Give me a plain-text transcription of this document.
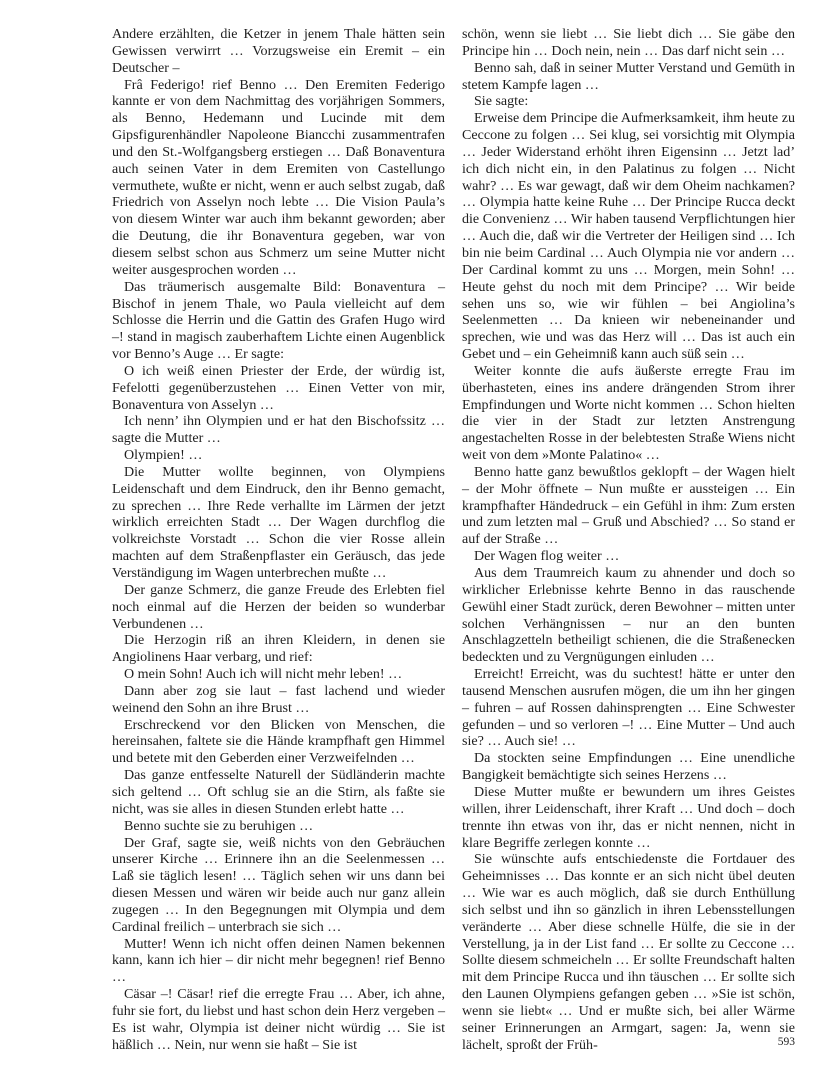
Andere erzählten, die Ketzer in jenem Thale hätten sein Gewissen verwirrt … Vorzugsweise ein Eremit – ein Deutscher –

Frâ Federigo! rief Benno … Den Eremiten Federigo kannte er von dem Nachmittag des vorjährigen Sommers, als Benno, Hedemann und Lucinde mit dem Gipsfigurenhändler Napoleone Biancchi zusammentrafen und den St.-Wolfgangsberg erstiegen … Daß Bonaventura auch seinen Vater in dem Eremiten von Castellungo vermuthete, wußte er nicht, wenn er auch selbst zugab, daß Friedrich von Asselyn noch lebte … Die Vision Paula’s von diesem Winter war auch ihm bekannt geworden; aber die Deutung, die ihr Bonaventura gegeben, war von diesem selbst schon aus Schmerz um seine Mutter nicht weiter ausgesprochen worden …

Das träumerisch ausgemalte Bild: Bonaventura – Bischof in jenem Thale, wo Paula vielleicht auf dem Schlosse die Herrin und die Gattin des Grafen Hugo wird –! stand in magisch zauberhaftem Lichte einen Augenblick vor Benno’s Auge … Er sagte:

O ich weiß einen Priester der Erde, der würdig ist, Fefelotti gegenüberzustehen … Einen Vetter von mir, Bonaventura von Asselyn …

Ich nenn’ ihn Olympien und er hat den Bischofssitz … sagte die Mutter …

Olympien! …

Die Mutter wollte beginnen, von Olympiens Leidenschaft und dem Eindruck, den ihr Benno gemacht, zu sprechen … Ihre Rede verhallte im Lärmen der jetzt wirklich erreichten Stadt … Der Wagen durchflog die volkreichste Vorstadt … Schon die vier Rosse allein machten auf dem Straßenpflaster ein Geräusch, das jede Verständigung im Wagen unterbrechen mußte …

Der ganze Schmerz, die ganze Freude des Erlebten fiel noch einmal auf die Herzen der beiden so wunderbar Verbundenen …

Die Herzogin riß an ihren Kleidern, in denen sie Angiolinens Haar verbarg, und rief:

O mein Sohn! Auch ich will nicht mehr leben! …

Dann aber zog sie laut – fast lachend und wieder weinend den Sohn an ihre Brust …

Erschreckend vor den Blicken von Menschen, die hereinsahen, faltete sie die Hände krampfhaft gen Himmel und betete mit den Geberden einer Verzweifelnden …

Das ganze entfesselte Naturell der Südländerin machte sich geltend … Oft schlug sie an die Stirn, als faßte sie nicht, was sie alles in diesen Stunden erlebt hatte …

Benno suchte sie zu beruhigen …

Der Graf, sagte sie, weiß nichts von den Gebräuchen unserer Kirche … Erinnere ihn an die Seelenmessen … Laß sie täglich lesen! … Täglich sehen wir uns dann bei diesen Messen und wären wir beide auch nur ganz allein zugegen … In den Begegnungen mit Olympia und dem Cardinal freilich – unterbrach sie sich …

Mutter! Wenn ich nicht offen deinen Namen bekennen kann, kann ich hier – dir nicht mehr begegnen! rief Benno …

Cäsar –! Cäsar! rief die erregte Frau … Aber, ich ahne, fuhr sie fort, du liebst und hast schon dein Herz vergeben – Es ist wahr, Olympia ist deiner nicht würdig … Sie ist häßlich … Nein, nur wenn sie haßt – Sie ist

schön, wenn sie liebt … Sie liebt dich … Sie gäbe den Principe hin … Doch nein, nein … Das darf nicht sein …

Benno sah, daß in seiner Mutter Verstand und Gemüth in stetem Kampfe lagen …

Sie sagte:

Erweise dem Principe die Aufmerksamkeit, ihm heute zu Ceccone zu folgen … Sei klug, sei vorsichtig mit Olympia … Jeder Widerstand erhöht ihren Eigensinn … Jetzt lad’ ich dich nicht ein, in den Palatinus zu folgen … Nicht wahr? … Es war gewagt, daß wir dem Oheim nachkamen? … Olympia hatte keine Ruhe … Der Principe Rucca deckt die Convenienz … Wir haben tausend Verpflichtungen hier … Auch die, daß wir die Vertreter der Heiligen sind … Ich bin nie beim Cardinal … Auch Olympia nie vor andern … Der Cardinal kommt zu uns … Morgen, mein Sohn! … Heute gehst du noch mit dem Principe? … Wir beide sehen uns so, wie wir fühlen – bei Angiolina’s Seelenmetten … Da knieen wir nebeneinander und sprechen, wie und was das Herz will … Das ist auch ein Gebet und – ein Geheimniß kann auch süß sein …

Weiter konnte die aufs äußerste erregte Frau im überhasteten, eines ins andere drängenden Strom ihrer Empfindungen und Worte nicht kommen … Schon hielten die vier in der Stadt zur letzten Anstrengung angestachelten Rosse in der belebtesten Straße Wiens nicht weit von dem »Monte Palatino« …

Benno hatte ganz bewußtlos geklopft – der Wagen hielt – der Mohr öffnete – Nun mußte er aussteigen … Ein krampfhafter Händedruck – ein Gefühl in ihm: Zum ersten und zum letzten mal – Gruß und Abschied? … So stand er auf der Straße …

Der Wagen flog weiter …

Aus dem Traumreich kaum zu ahnender und doch so wirklicher Erlebnisse kehrte Benno in das rauschende Gewühl einer Stadt zurück, deren Bewohner – mitten unter solchen Verhängnissen – nur an den bunten Anschlagzetteln betheiligt schienen, die die Straßenecken bedeckten und zu Vergnügungen einluden …

Erreicht! Erreicht, was du suchtest! hätte er unter den tausend Menschen ausrufen mögen, die um ihn her gingen – fuhren – auf Rossen dahinsprengten … Eine Schwester gefunden – und so verloren –! … Eine Mutter – Und auch sie? … Auch sie! …

Da stockten seine Empfindungen … Eine unendliche Bangigkeit bemächtigte sich seines Herzens …

Diese Mutter mußte er bewundern um ihres Geistes willen, ihrer Leidenschaft, ihrer Kraft … Und doch – doch trennte ihn etwas von ihr, das er nicht nennen, nicht in klare Begriffe zerlegen konnte …

Sie wünschte aufs entschiedenste die Fortdauer des Geheimnisses … Das konnte er an sich nicht übel deuten … Wie war es auch möglich, daß sie durch Enthüllung sich selbst und ihn so gänzlich in ihren Lebensstellungen veränderte … Aber diese schnelle Hülfe, die sie in der Verstellung, ja in der List fand … Er sollte zu Ceccone … Sollte diesem schmeicheln … Er sollte Freundschaft halten mit dem Principe Rucca und ihn täuschen … Er sollte sich den Launen Olympiens gefangen geben … »Sie ist schön, wenn sie liebt« … Und er mußte sich, bei aller Wärme seiner Erinnerungen an Armgart, sagen: Ja, wenn sie lächelt, sproßt der Früh-	593
